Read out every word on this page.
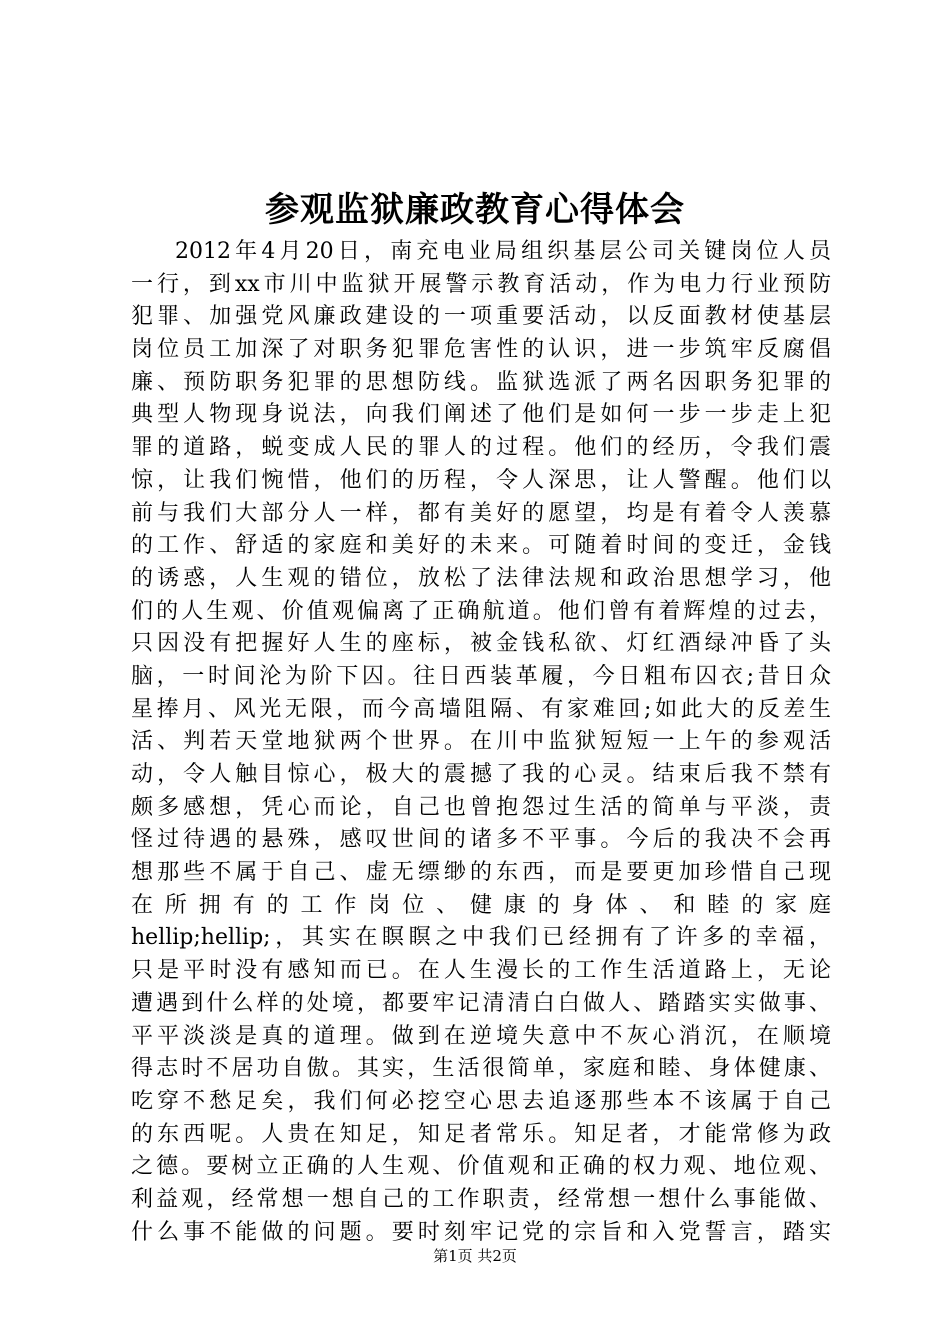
参观监狱廉政教育心得体会
2012年4月20日，南充电业局组织基层公司关键岗位人员
一行，到xx市川中监狱开展警示教育活动，作为电力行业预防
犯罪、加强党风廉政建设的一项重要活动，以反面教材使基层
岗位员工加深了对职务犯罪危害性的认识，进一步筑牢反腐倡
廉、预防职务犯罪的思想防线。监狱选派了两名因职务犯罪的
典型人物现身说法，向我们阐述了他们是如何一步一步走上犯
罪的道路，蜕变成人民的罪人的过程。他们的经历，令我们震
惊，让我们惋惜，他们的历程，令人深思，让人警醒。他们以
前与我们大部分人一样，都有美好的愿望，均是有着令人羡慕
的工作、舒适的家庭和美好的未来。可随着时间的变迁，金钱
的诱惑，人生观的错位，放松了法律法规和政治思想学习，他
们的人生观、价值观偏离了正确航道。他们曾有着辉煌的过去，
只因没有把握好人生的座标，被金钱私欲、灯红酒绿冲昏了头
脑，一时间沦为阶下囚。往日西装革履，今日粗布囚衣;昔日众
星捧月、风光无限，而今高墙阻隔、有家难回;如此大的反差生
活、判若天堂地狱两个世界。在川中监狱短短一上午的参观活
动，令人触目惊心，极大的震撼了我的心灵。结束后我不禁有
颇多感想，凭心而论，自己也曾抱怨过生活的简单与平淡，责
怪过待遇的悬殊，感叹世间的诸多不平事。今后的我决不会再
想那些不属于自己、虚无缥缈的东西，而是要更加珍惜自己现
在 所 拥 有 的 工 作 岗 位 、 健 康 的 身 体 、 和 睦 的 家 庭
hellip;hellip;，其实在瞑瞑之中我们已经拥有了许多的幸福，
只是平时没有感知而已。在人生漫长的工作生活道路上，无论
遭遇到什么样的处境，都要牢记清清白白做人、踏踏实实做事、
平平淡淡是真的道理。做到在逆境失意中不灰心消沉，在顺境
得志时不居功自傲。其实，生活很简单，家庭和睦、身体健康、
吃穿不愁足矣，我们何必挖空心思去追逐那些本不该属于自己
的东西呢。人贵在知足，知足者常乐。知足者，才能常修为政
之德。要树立正确的人生观、价值观和正确的权力观、地位观、
利益观，经常想一想自己的工作职责，经常想一想什么事能做、
什么事不能做的问题。要时刻牢记党的宗旨和入党誓言，踏实
第1页 共2页
